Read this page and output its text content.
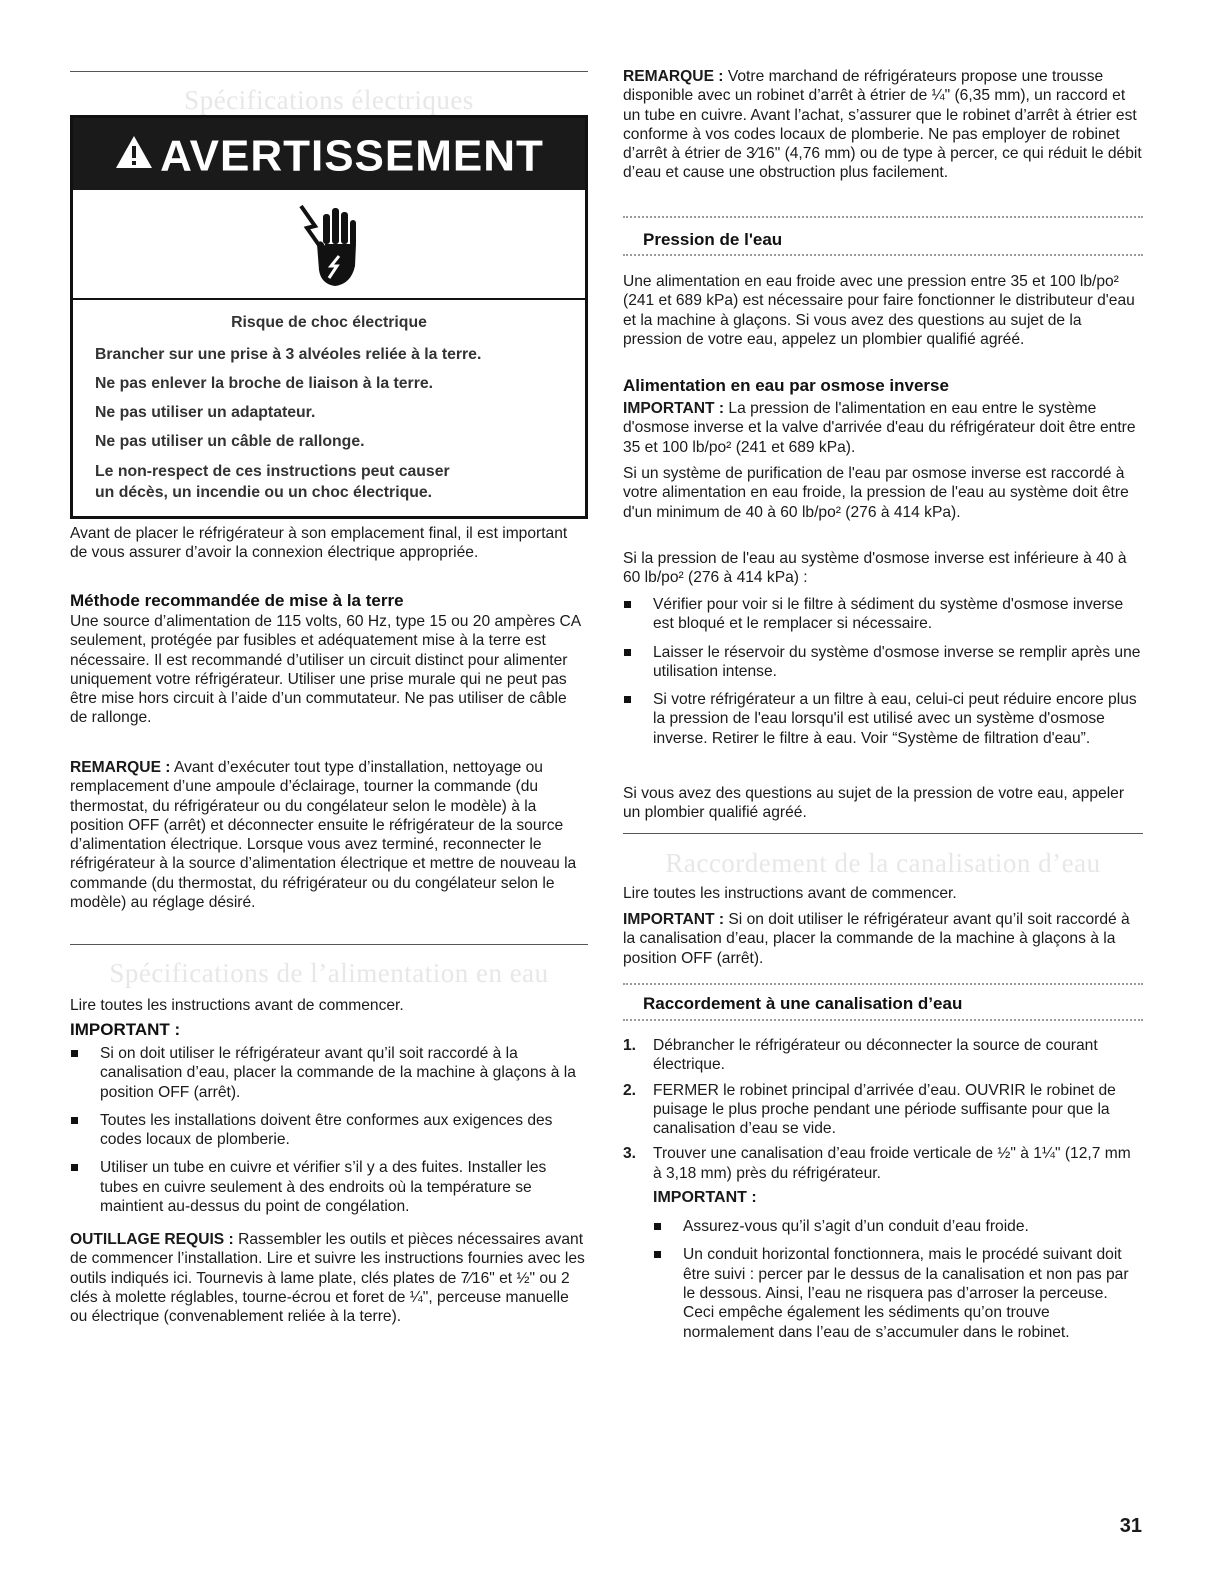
Spécifications électriques
AVERTISSEMENT
Risque de choc électrique
Brancher sur une prise à 3 alvéoles reliée à la terre.
Ne pas enlever la broche de liaison à la terre.
Ne pas utiliser un adaptateur.
Ne pas utiliser un câble de rallonge.
Le non-respect de ces instructions peut causer
un décès, un incendie ou un choc électrique.

Avant de placer le réfrigérateur à son emplacement final, il est important de vous assurer d’avoir la connexion électrique appropriée.

Méthode recommandée de mise à la terre

Une source d’alimentation de 115 volts, 60 Hz, type 15 ou 20 ampères CA seulement, protégée par fusibles et adéquatement mise à la terre est nécessaire. Il est recommandé d’utiliser un circuit distinct pour alimenter uniquement votre réfrigérateur. Utiliser une prise murale qui ne peut pas être mise hors circuit à l’aide d’un commutateur. Ne pas utiliser de câble de rallonge.

REMARQUE : Avant d’exécuter tout type d’installation, nettoyage ou remplacement d’une ampoule d’éclairage, tourner la commande (du thermostat, du réfrigérateur ou du congélateur selon le modèle) à la position OFF (arrêt) et déconnecter ensuite le réfrigérateur de la source d’alimentation électrique. Lorsque vous avez terminé, reconnecter le réfrigérateur à la source d’alimentation électrique et mettre de nouveau la commande (du thermostat, du réfrigérateur ou du congélateur selon le modèle) au réglage désiré.

Spécifications de l’alimentation en eau

Lire toutes les instructions avant de commencer.

IMPORTANT :
Si on doit utiliser le réfrigérateur avant qu’il soit raccordé à la canalisation d’eau, placer la commande de la machine à glaçons à la position OFF (arrêt).
Toutes les installations doivent être conformes aux exigences des codes locaux de plomberie.
Utiliser un tube en cuivre et vérifier s’il y a des fuites. Installer les tubes en cuivre seulement à des endroits où la température se maintient au-dessus du point de congélation.

OUTILLAGE REQUIS : Rassembler les outils et pièces nécessaires avant de commencer l’installation. Lire et suivre les instructions fournies avec les outils indiqués ici. Tournevis à lame plate, clés plates de 7⁄16" et ½" ou 2 clés à molette réglables, tourne-écrou et foret de ¼", perceuse manuelle ou électrique (convenablement reliée à la terre).

REMARQUE : Votre marchand de réfrigérateurs propose une trousse disponible avec un robinet d’arrêt à étrier de ¼" (6,35 mm), un raccord et un tube en cuivre. Avant l’achat, s’assurer que le robinet d’arrêt à étrier est conforme à vos codes locaux de plomberie. Ne pas employer de robinet d’arrêt à étrier de 3⁄16" (4,76 mm) ou de type à percer, ce qui réduit le débit d’eau et cause une obstruction plus facilement.

Pression de l'eau

Une alimentation en eau froide avec une pression entre 35 et 100 lb/po² (241 et 689 kPa) est nécessaire pour faire fonctionner le distributeur d'eau et la machine à glaçons. Si vous avez des questions au sujet de la pression de votre eau, appelez un plombier qualifié agréé.

Alimentation en eau par osmose inverse

IMPORTANT : La pression de l'alimentation en eau entre le système d'osmose inverse et la valve d'arrivée d'eau du réfrigérateur doit être entre 35 et 100 lb/po² (241 et 689 kPa).

Si un système de purification de l'eau par osmose inverse est raccordé à votre alimentation en eau froide, la pression de l'eau au système doit être d'un minimum de 40 à 60 lb/po² (276 à 414 kPa).

Si la pression de l'eau au système d'osmose inverse est inférieure à 40 à 60 lb/po² (276 à 414 kPa) :

Vérifier pour voir si le filtre à sédiment du système d'osmose inverse est bloqué et le remplacer si nécessaire.
Laisser le réservoir du système d'osmose inverse se remplir après une utilisation intense.
Si votre réfrigérateur a un filtre à eau, celui-ci peut réduire encore plus la pression de l'eau lorsqu'il est utilisé avec un système d'osmose inverse. Retirer le filtre à eau. Voir “Système de filtration d'eau”.

Si vous avez des questions au sujet de la pression de votre eau, appeler un plombier qualifié agréé.

Raccordement de la canalisation d’eau

Lire toutes les instructions avant de commencer.

IMPORTANT : Si on doit utiliser le réfrigérateur avant qu’il soit raccordé à la canalisation d’eau, placer la commande de la machine à glaçons à la position OFF (arrêt).

Raccordement à une canalisation d’eau
1. Débrancher le réfrigérateur ou déconnecter la source de courant électrique.
2. FERMER le robinet principal d’arrivée d’eau. OUVRIR le robinet de puisage le plus proche pendant une période suffisante pour que la canalisation d’eau se vide.
3. Trouver une canalisation d’eau froide verticale de ½" à 1¼" (12,7 mm à 3,18 mm) près du réfrigérateur.
IMPORTANT :
Assurez-vous qu’il s’agit d’un conduit d’eau froide.
Un conduit horizontal fonctionnera, mais le procédé suivant doit être suivi : percer par le dessus de la canalisation et non pas par le dessous. Ainsi, l’eau ne risquera pas d’arroser la perceuse. Ceci empêche également les sédiments qu’on trouve normalement dans l’eau de s’accumuler dans le robinet.
31
